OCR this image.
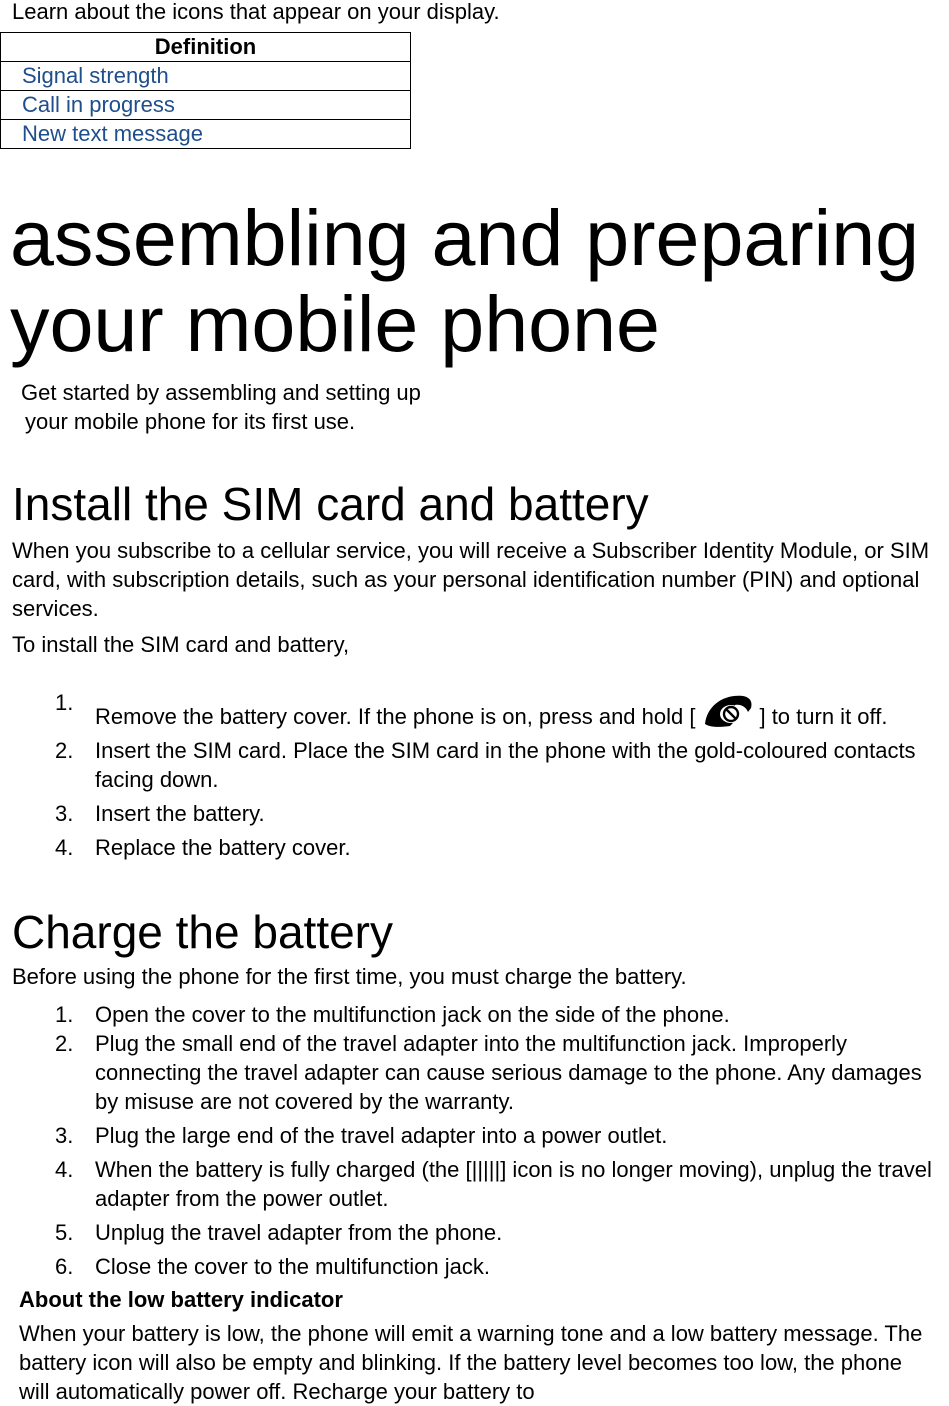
Learn about the icons that appear on your display.
Definition
Signal strength
Call in progress
New text message
assembling and preparing
your mobile phone
Get started by assembling and setting up
your mobile phone for its first use.
Install the SIM card and battery
When you subscribe to a cellular service, you will receive a Subscriber Identity Module, or SIM card, with subscription details, such as your personal identification number (PIN) and optional services.
To install the SIM card and battery,
1.
Remove the battery cover. If the phone is on, press and hold [	] to turn it off.
2. Insert the SIM card. Place the SIM card in the phone with the gold-coloured contacts facing down.
3. Insert the battery.
4. Replace the battery cover.
Charge the battery
Before using the phone for the first time, you must charge the battery.
1. Open the cover to the multifunction jack on the side of the phone.
2. Plug the small end of the travel adapter into the multifunction jack. Improperly connecting the travel adapter can cause serious damage to the phone. Any damages by misuse are not covered by the warranty.
3. Plug the large end of the travel adapter into a power outlet.
4. When the battery is fully charged (the [|||||] icon is no longer moving), unplug the travel adapter from the power outlet.
5. Unplug the travel adapter from the phone.
6. Close the cover to the multifunction jack.
About the low battery indicator
When your battery is low, the phone will emit a warning tone and a low battery message. The battery icon will also be empty and blinking. If the battery level becomes too low, the phone will automatically power off. Recharge your battery to
